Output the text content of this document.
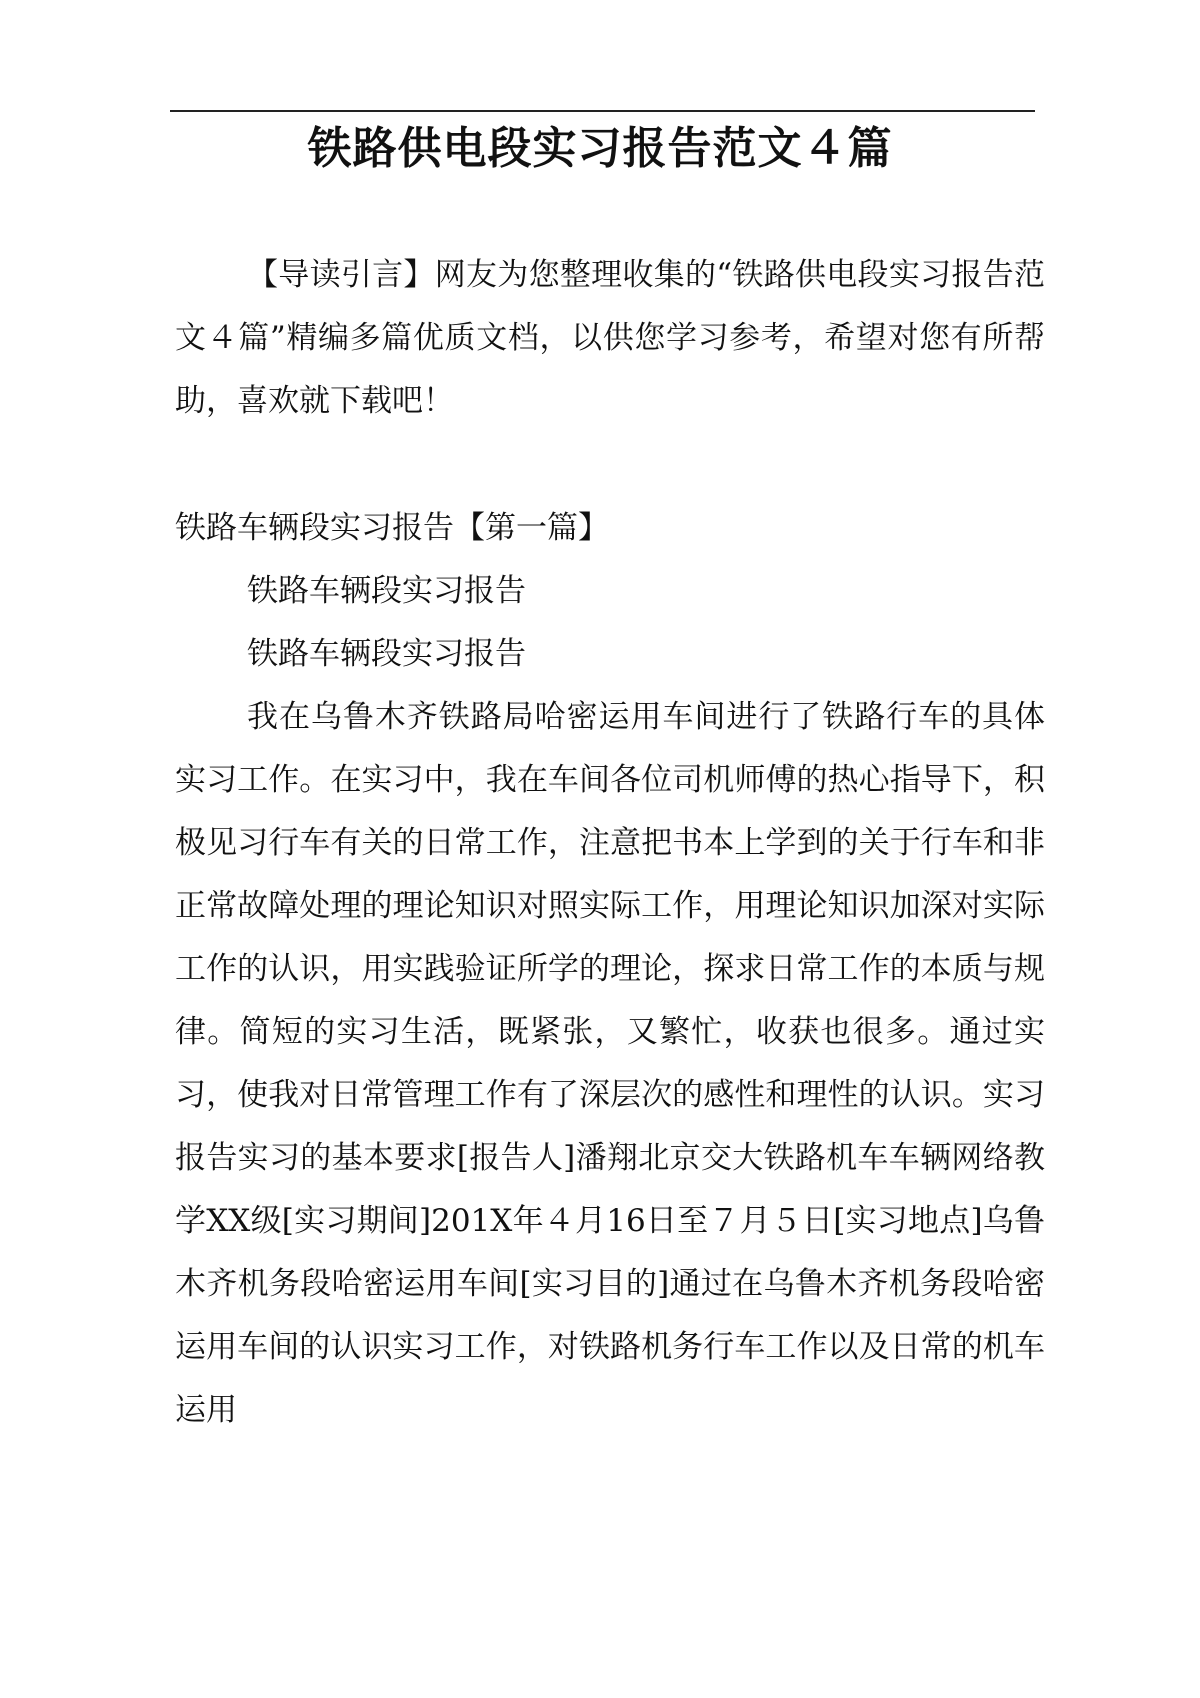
铁路供电段实习报告范文４篇

【导读引言】网友为您整理收集的“铁路供电段实习报告范文４篇”精编多篇优质文档，以供您学习参考，希望对您有所帮助，喜欢就下载吧！

铁路车辆段实习报告【第一篇】

铁路车辆段实习报告

铁路车辆段实习报告

我在乌鲁木齐铁路局哈密运用车间进行了铁路行车的具体实习工作。在实习中，我在车间各位司机师傅的热心指导下，积极见习行车有关的日常工作，注意把书本上学到的关于行车和非正常故障处理的理论知识对照实际工作，用理论知识加深对实际工作的认识，用实践验证所学的理论，探求日常工作的本质与规律。简短的实习生活，既紧张，又繁忙，收获也很多。通过实习，使我对日常管理工作有了深层次的感性和理性的认识。实习报告实习的基本要求[报告人]潘翔北京交大铁路机车车辆网络教学XX级[实习期间]201X年４月16日至７月５日[实习地点]乌鲁木齐机务段哈密运用车间[实习目的]通过在乌鲁木齐机务段哈密运用车间的认识实习工作，对铁路机务行车工作以及日常的机车运用
